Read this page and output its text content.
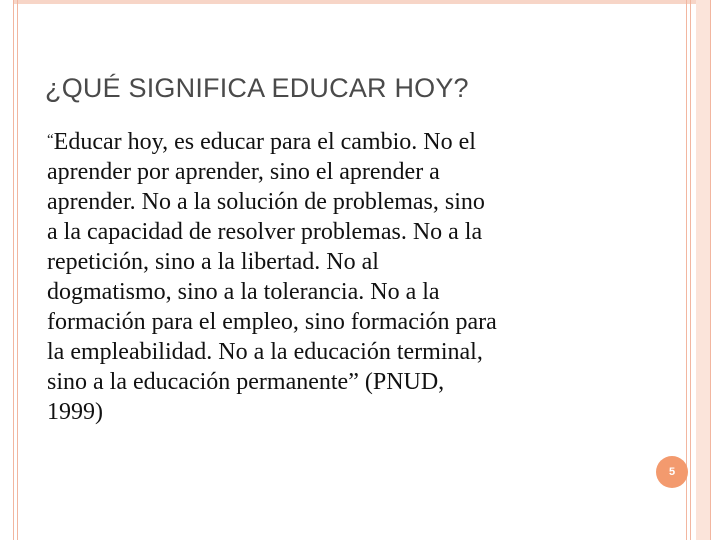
¿QUÉ SIGNIFICA EDUCAR HOY?
“Educar hoy, es educar para el cambio. No el
aprender por aprender, sino el aprender a
aprender. No a la solución de problemas, sino
a la capacidad de resolver problemas. No a la
repetición, sino a la libertad. No al
dogmatismo, sino a la tolerancia. No a la
formación para el empleo, sino formación para
la empleabilidad. No a la educación terminal,
sino a la educación permanente” (PNUD,
1999)
5
